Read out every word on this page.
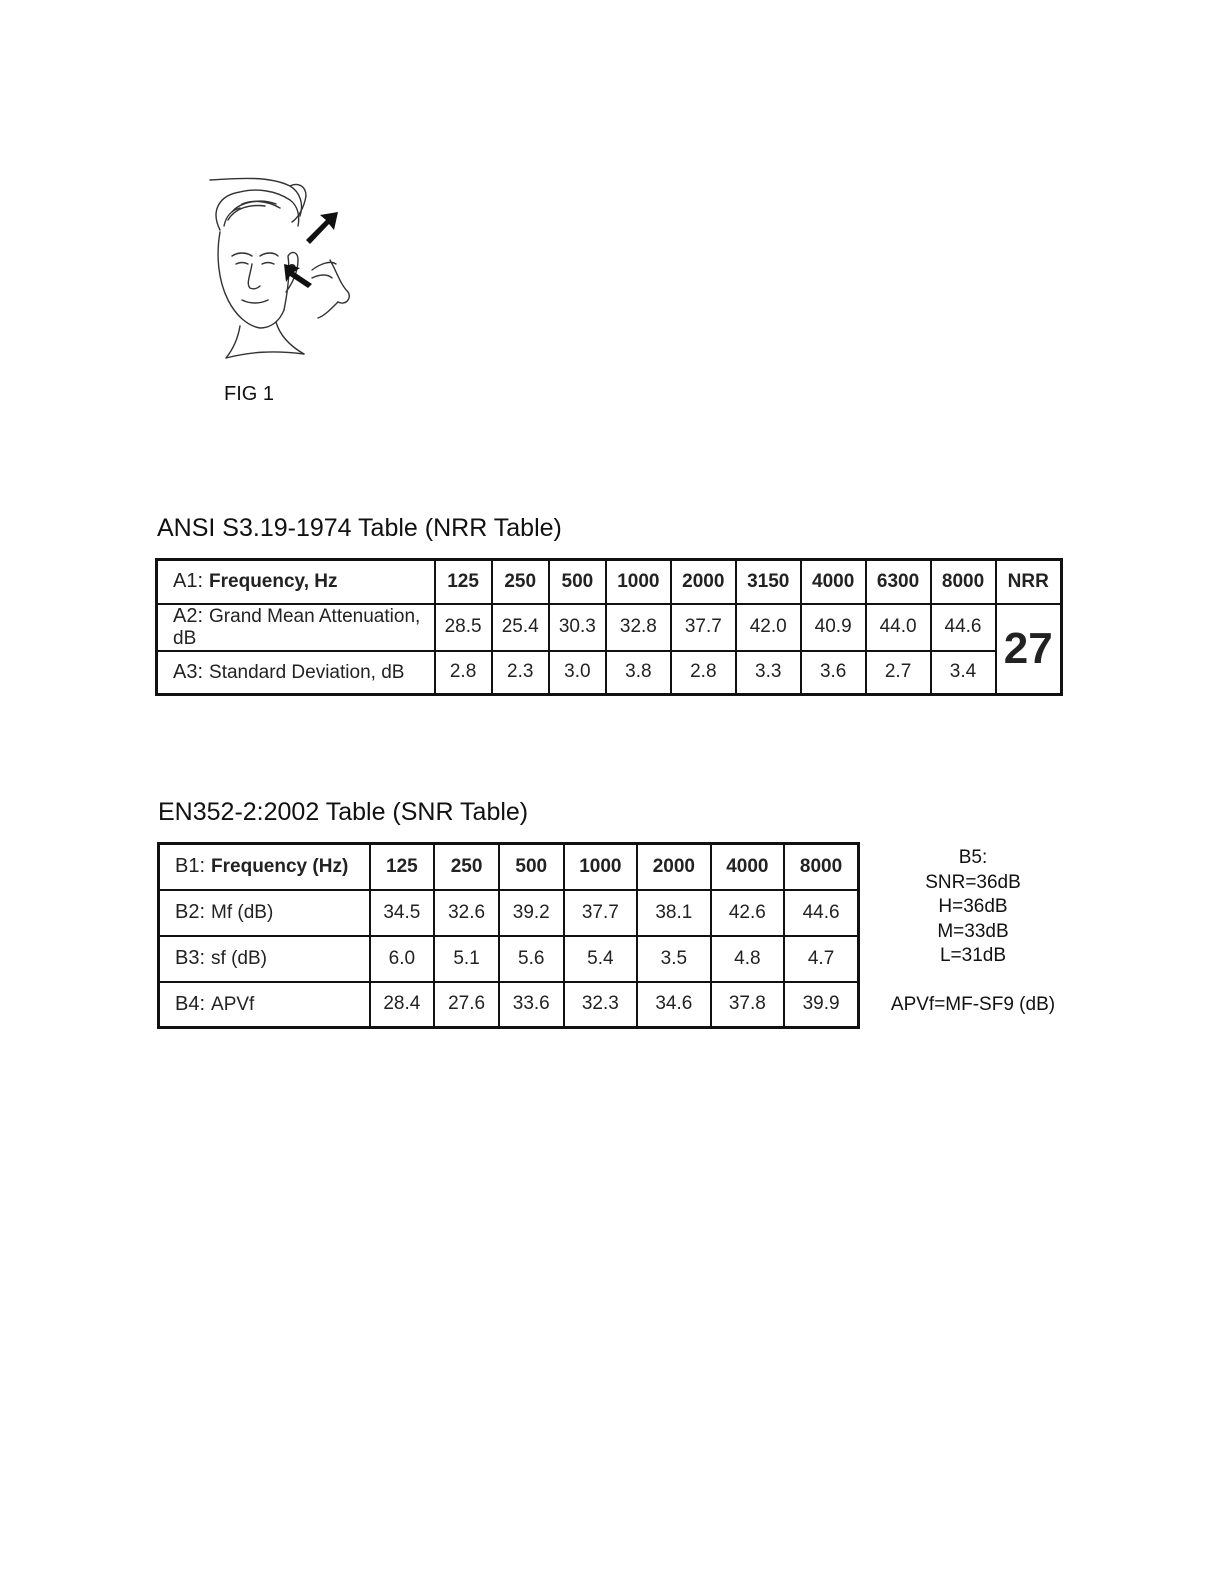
FIG 1
ANSI S3.19-1974 Table (NRR Table)
A1: Frequency, Hz	125	250	500	1000	2000	3150	4000	6300	8000	NRR
A2: Grand Mean Attenuation, dB	28.5	25.4	30.3	32.8	37.7	42.0	40.9	44.0	44.6	27
A3: Standard Deviation, dB	2.8	2.3	3.0	3.8	2.8	3.3	3.6	2.7	3.4	
EN352-2:2002 Table (SNR Table)
B1: Frequency (Hz)	125	250	500	1000	2000	4000	8000
B2: Mf (dB)	34.5	32.6	39.2	37.7	38.1	42.6	44.6
B3: sf (dB)	6.0	5.1	5.6	5.4	3.5	4.8	4.7
B4: APVf	28.4	27.6	33.6	32.3	34.6	37.8	39.9
B5:
SNR=36dB
H=36dB
M=33dB
L=31dB
APVf=MF-SF9 (dB)
